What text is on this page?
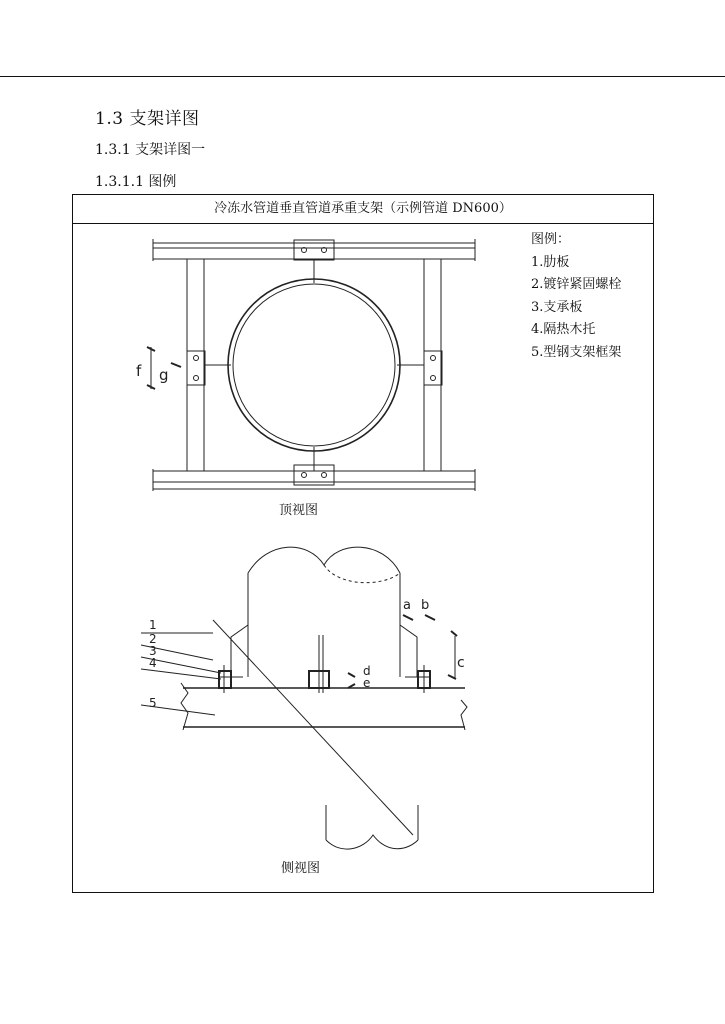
1.3 支架详图
1.3.1 支架详图一
1.3.1.1 图例
冷冻水管道垂直管道承重支架（示例管道 DN600）
图例：
1.肋板
2.镀锌紧固螺栓
3.支承板
4.隔热木托
5.型钢支架框架
f g
1
2
3
4
5
a b
c
d
e
顶视图
侧视图
